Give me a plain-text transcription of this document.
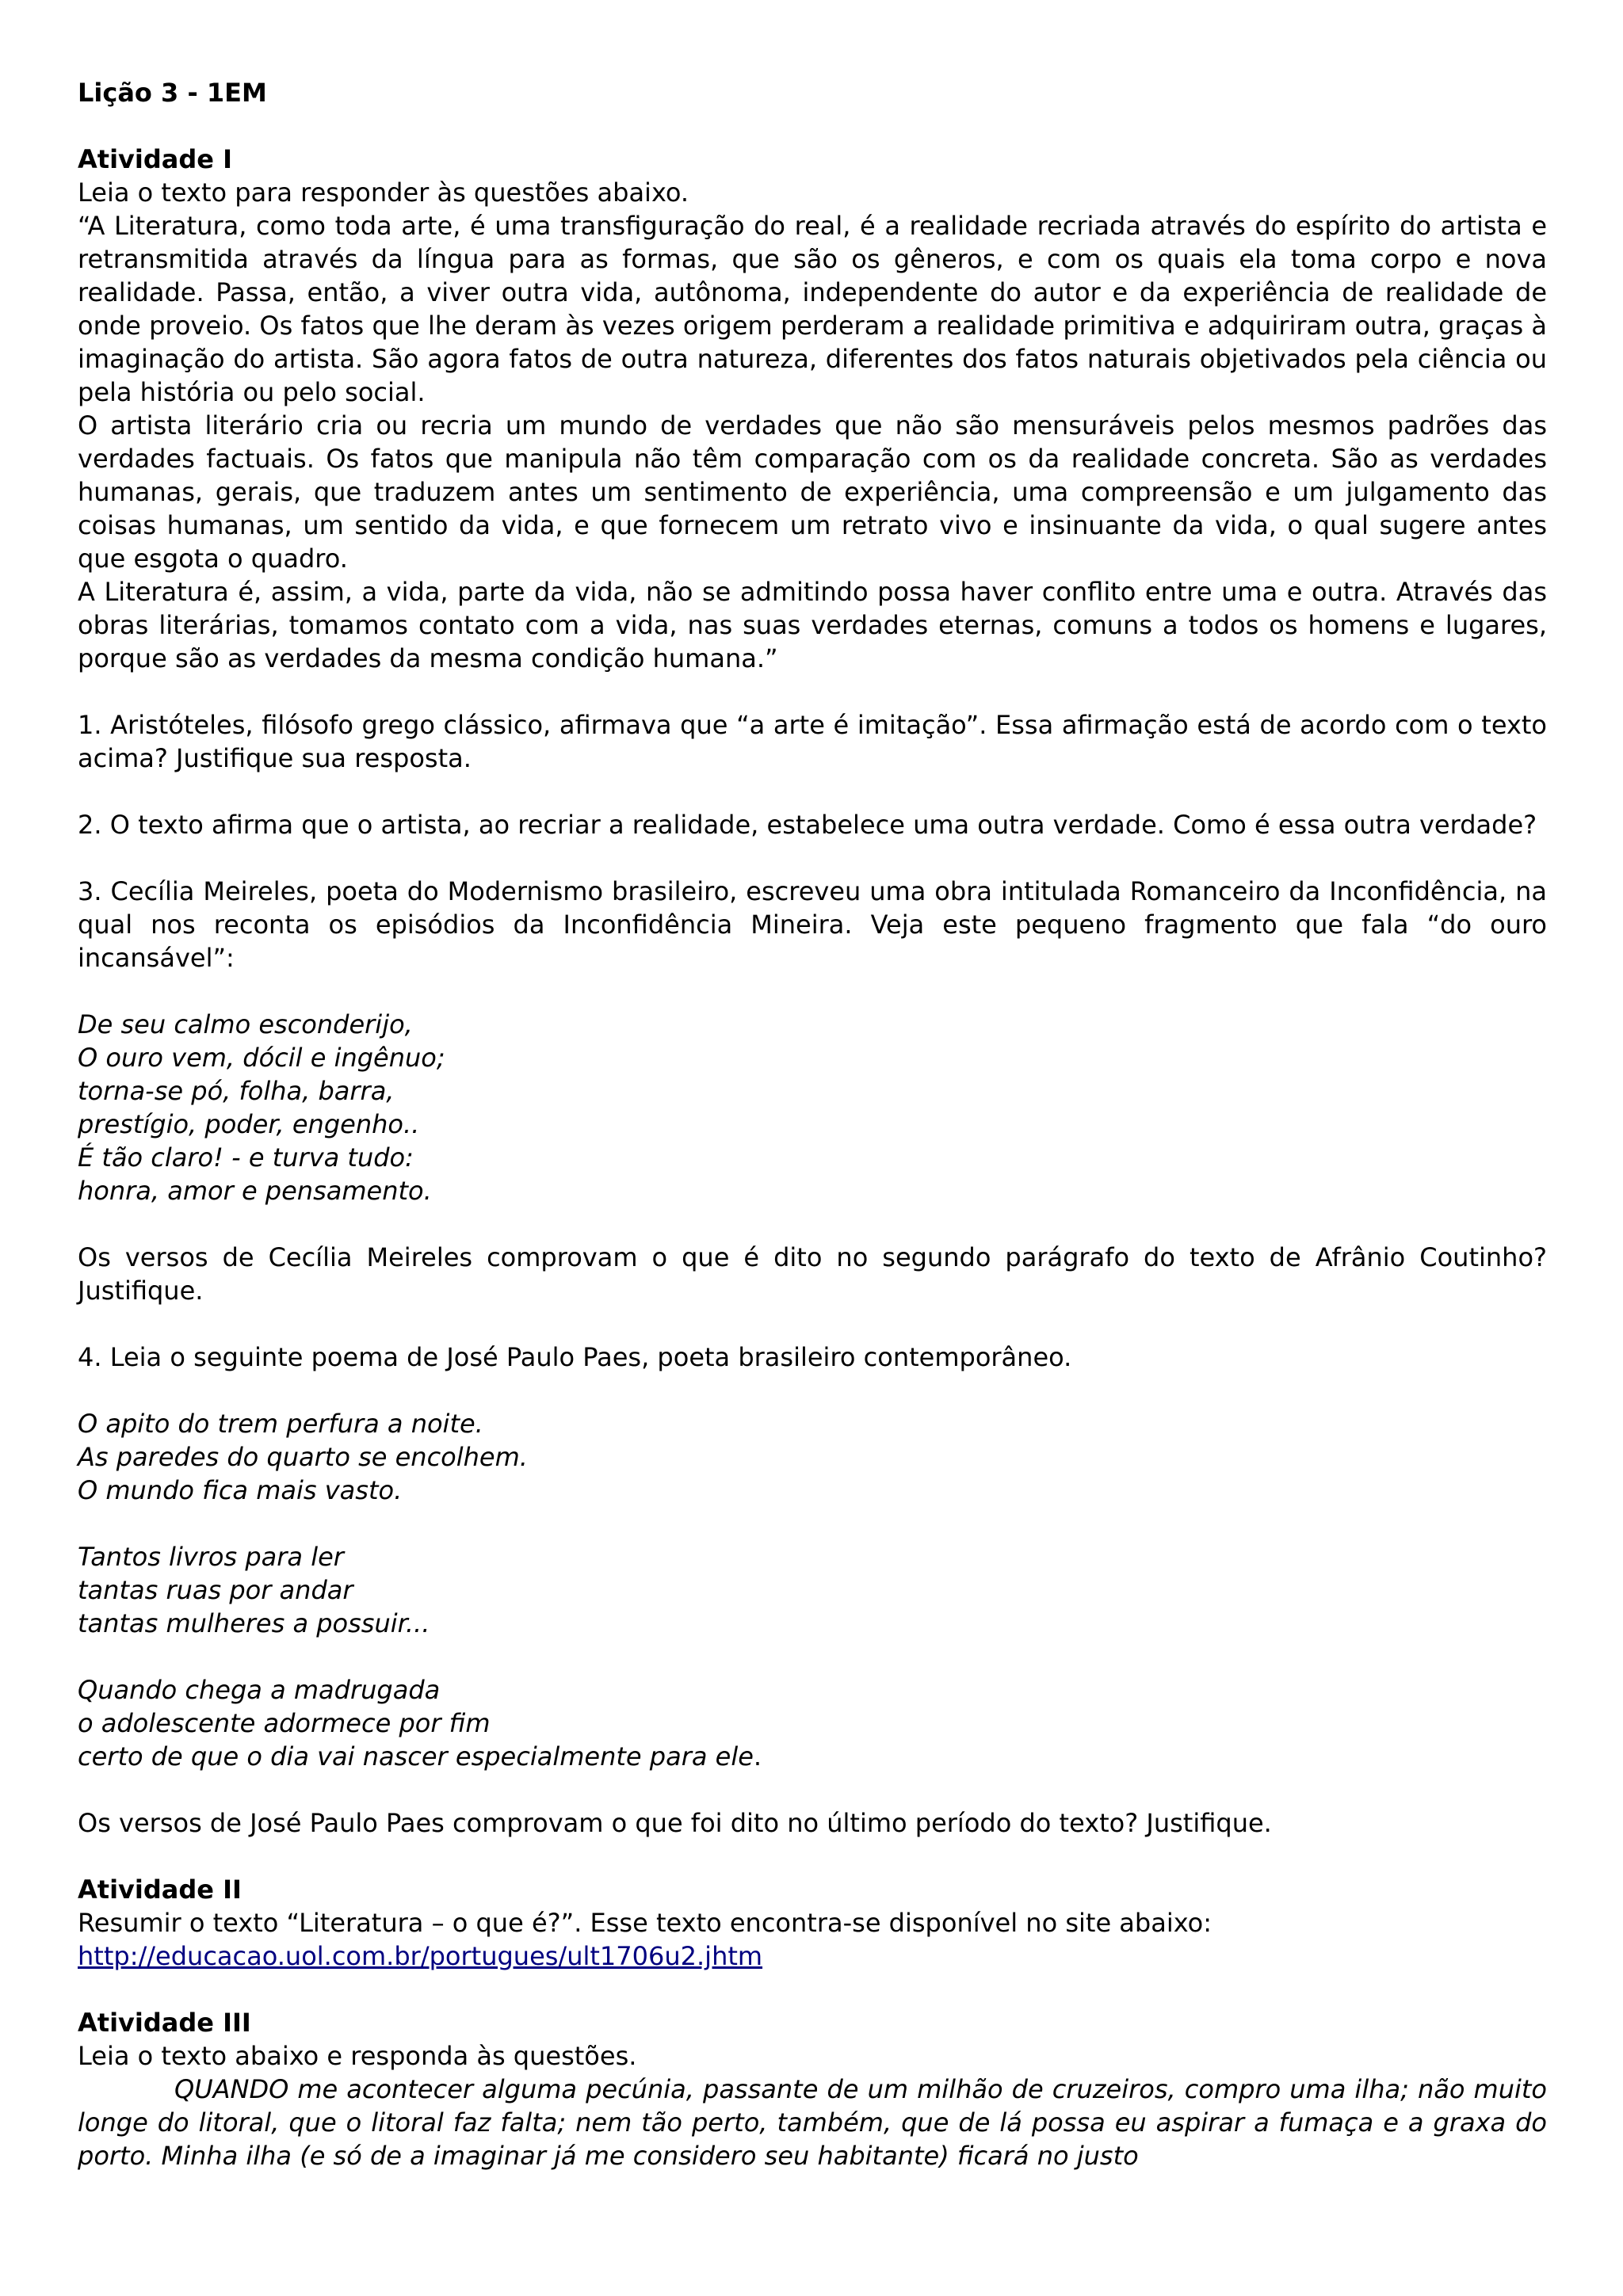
Lição 3 - 1EM

Atividade I

Leia o texto para responder às questões abaixo.

“A Literatura, como toda arte, é uma transfiguração do real, é a realidade recriada através do espírito do artista e retransmitida através da língua para as formas, que são os gêneros, e com os quais ela toma corpo e nova realidade. Passa, então, a viver outra vida, autônoma, independente do autor e da experiência de realidade de onde proveio. Os fatos que lhe deram às vezes origem perderam a realidade primitiva e adquiriram outra, graças à imaginação do artista. São agora fatos de outra natureza, diferentes dos fatos naturais objetivados pela ciência ou pela história ou pelo social.

O artista literário cria ou recria um mundo de verdades que não são mensuráveis pelos mesmos padrões das verdades factuais. Os fatos que manipula não têm comparação com os da realidade concreta. São as verdades humanas, gerais, que traduzem antes um sentimento de experiência, uma compreensão e um julgamento das coisas humanas, um sentido da vida, e que fornecem um retrato vivo e insinuante da vida, o qual sugere antes que esgota o quadro.

A Literatura é, assim, a vida, parte da vida, não se admitindo possa haver conflito entre uma e outra. Através das obras literárias, tomamos contato com a vida, nas suas verdades eternas, comuns a todos os homens e lugares, porque são as verdades da mesma condição humana.”

1. Aristóteles, filósofo grego clássico, afirmava que “a arte é imitação”. Essa afirmação está de acordo com o texto acima? Justifique sua resposta.

2. O texto afirma que o artista, ao recriar a realidade, estabelece uma outra verdade. Como é essa outra verdade?

3. Cecília Meireles, poeta do Modernismo brasileiro, escreveu uma obra intitulada Romanceiro da Inconfidência, na qual nos reconta os episódios da Inconfidência Mineira. Veja este pequeno fragmento que fala “do ouro incansável”:

De seu calmo esconderijo,

O ouro vem, dócil e ingênuo;

torna-se pó, folha, barra,

prestígio, poder, engenho..

É tão claro! - e turva tudo:

honra, amor e pensamento.

Os versos de Cecília Meireles comprovam o que é dito no segundo parágrafo do texto de Afrânio Coutinho? Justifique.

4. Leia o seguinte poema de José Paulo Paes, poeta brasileiro contemporâneo.

O apito do trem perfura a noite.

As paredes do quarto se encolhem.

O mundo fica mais vasto.

Tantos livros para ler

tantas ruas por andar

tantas mulheres a possuir...

Quando chega a madrugada

o adolescente adormece por fim

certo de que o dia vai nascer especialmente para ele.

Os versos de José Paulo Paes comprovam o que foi dito no último período do texto? Justifique.

Atividade II

Resumir o texto “Literatura – o que é?”. Esse texto encontra-se disponível no site abaixo:

http://educacao.uol.com.br/portugues/ult1706u2.jhtm

Atividade III

Leia o texto abaixo e responda às questões.

QUANDO me acontecer alguma pecúnia, passante de um milhão de cruzeiros, compro uma ilha; não muito longe do litoral, que o litoral faz falta; nem tão perto, também, que de lá possa eu aspirar a fumaça e a graxa do porto. Minha ilha (e só de a imaginar já me considero seu habitante) ficará no justo
